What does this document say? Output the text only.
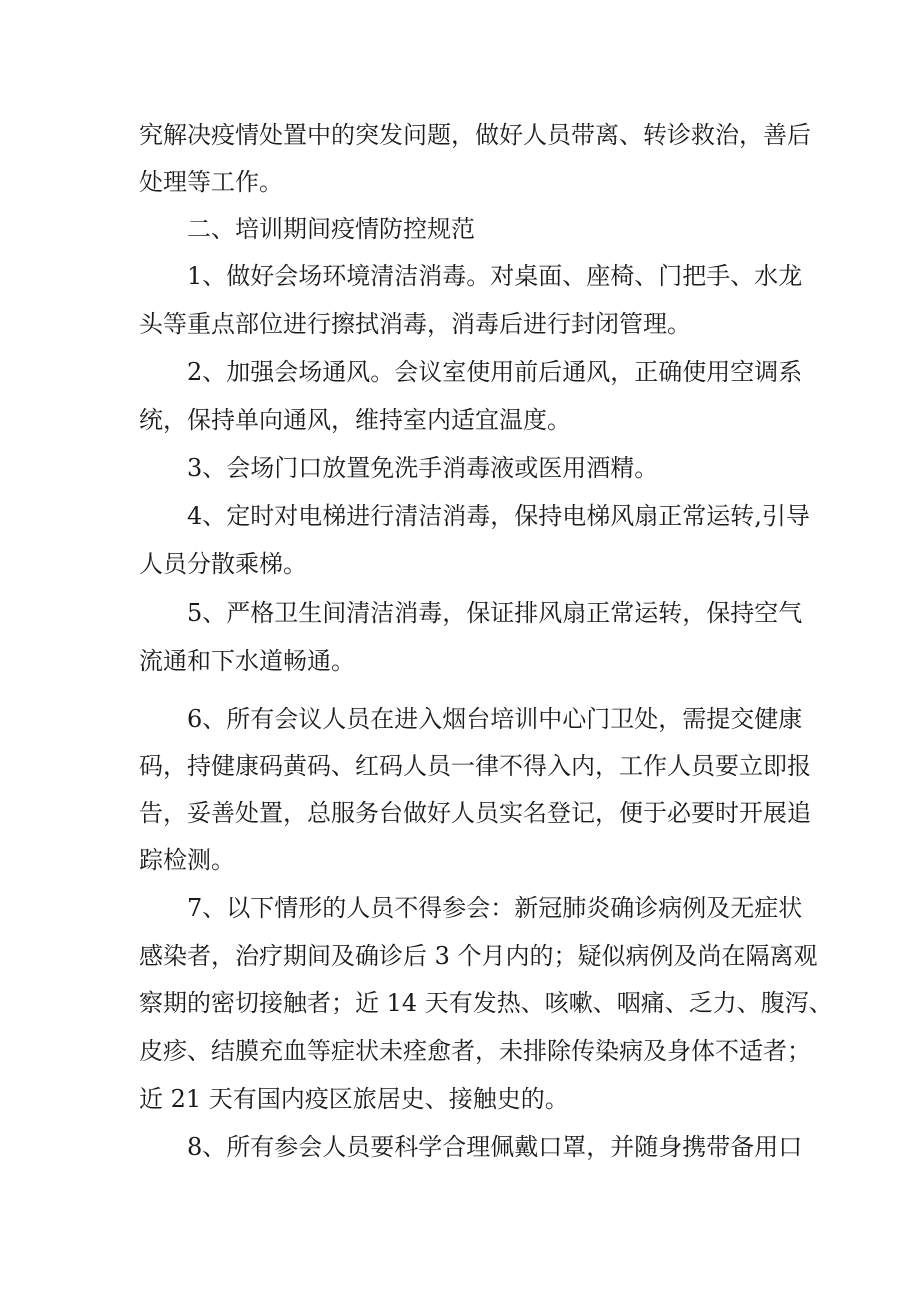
究解决疫情处置中的突发问题，做好人员带离、转诊救治，善后
处理等工作。
二、培训期间疫情防控规范
1、做好会场环境清洁消毒。对桌面、座椅、门把手、水龙
头等重点部位进行擦拭消毒，消毒后进行封闭管理。
2、加强会场通风。会议室使用前后通风，正确使用空调系
统，保持单向通风，维持室内适宜温度。
3、会场门口放置免洗手消毒液或医用酒精。
4、定时对电梯进行清洁消毒，保持电梯风扇正常运转,引导
人员分散乘梯。
5、严格卫生间清洁消毒，保证排风扇正常运转，保持空气
流通和下水道畅通。
6、所有会议人员在进入烟台培训中心门卫处，需提交健康
码，持健康码黄码、红码人员一律不得入内，工作人员要立即报
告，妥善处置，总服务台做好人员实名登记，便于必要时开展追
踪检测。
7、以下情形的人员不得参会：新冠肺炎确诊病例及无症状
感染者，治疗期间及确诊后 3 个月内的；疑似病例及尚在隔离观
察期的密切接触者；近 14 天有发热、咳嗽、咽痛、乏力、腹泻、
皮疹、结膜充血等症状未痊愈者，未排除传染病及身体不适者；
近 21 天有国内疫区旅居史、接触史的。
8、所有参会人员要科学合理佩戴口罩，并随身携带备用口
